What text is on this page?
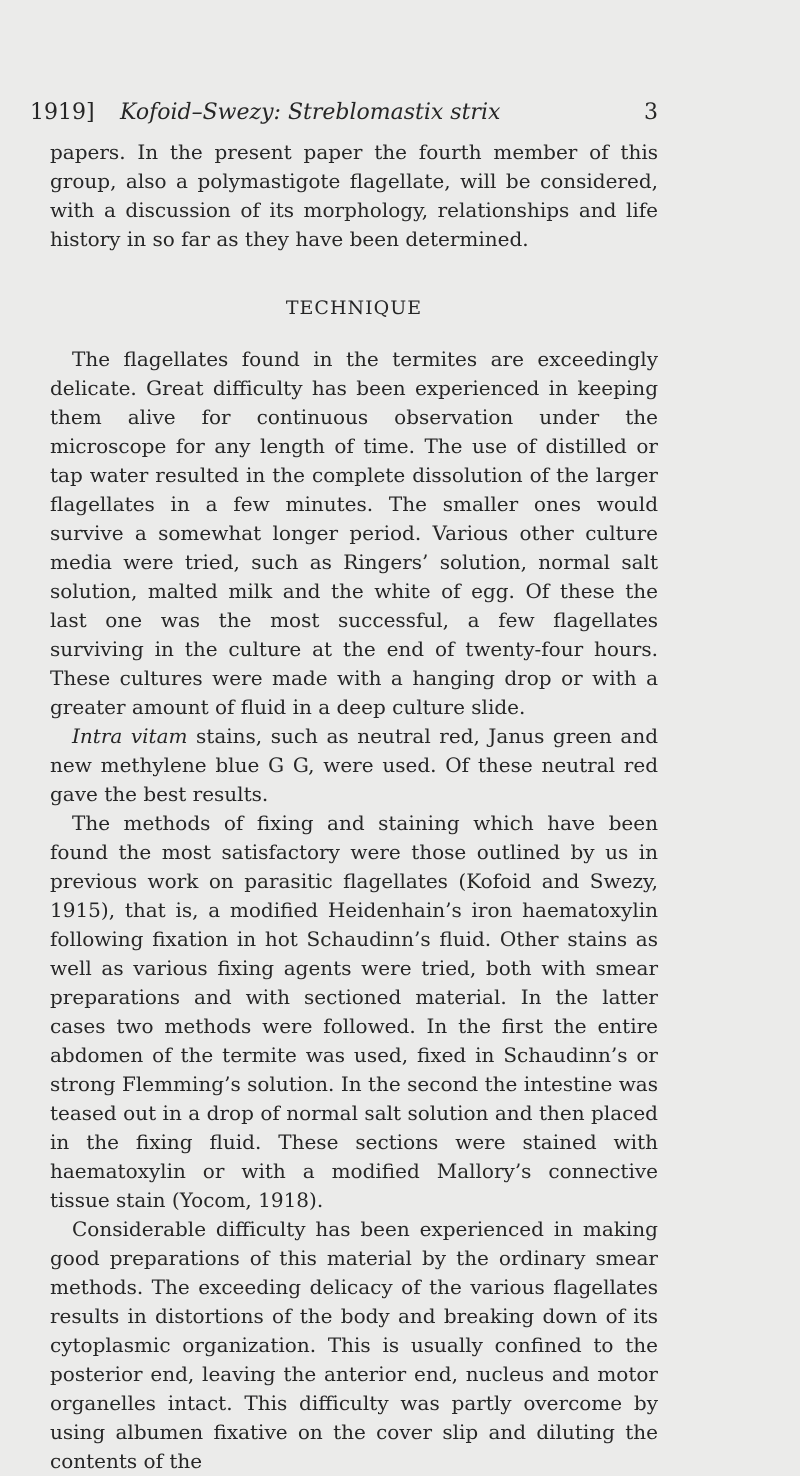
1919] Kofoid–Swezy: Streblomastix strix	3

papers. In the present paper the fourth member of this group, also a polymastigote flagellate, will be considered, with a discussion of its morphology, relationships and life history in so far as they have been determined.

TECHNIQUE

The flagellates found in the termites are exceedingly delicate. Great difficulty has been experienced in keeping them alive for continuous observation under the microscope for any length of time. The use of distilled or tap water resulted in the complete dissolution of the larger flagellates in a few minutes. The smaller ones would survive a somewhat longer period. Various other culture media were tried, such as Ringers’ solution, normal salt solution, malted milk and the white of egg. Of these the last one was the most successful, a few flagellates surviving in the culture at the end of twenty-four hours. These cultures were made with a hanging drop or with a greater amount of fluid in a deep culture slide.

Intra vitam stains, such as neutral red, Janus green and new methylene blue G G, were used. Of these neutral red gave the best results.

The methods of fixing and staining which have been found the most satisfactory were those outlined by us in previous work on parasitic flagellates (Kofoid and Swezy, 1915), that is, a modified Heidenhain’s iron haematoxylin following fixation in hot Schaudinn’s fluid. Other stains as well as various fixing agents were tried, both with smear preparations and with sectioned material. In the latter cases two methods were followed. In the first the entire abdomen of the termite was used, fixed in Schaudinn’s or strong Flemming’s solution. In the second the intestine was teased out in a drop of normal salt solution and then placed in the fixing fluid. These sections were stained with haematoxylin or with a modified Mallory’s connective tissue stain (Yocom, 1918).

Considerable difficulty has been experienced in making good preparations of this material by the ordinary smear methods. The exceeding delicacy of the various flagellates results in distortions of the body and breaking down of its cytoplasmic organization. This is usually confined to the posterior end, leaving the anterior end, nucleus and motor organelles intact. This difficulty was partly overcome by using albumen fixative on the cover slip and diluting the contents of the
